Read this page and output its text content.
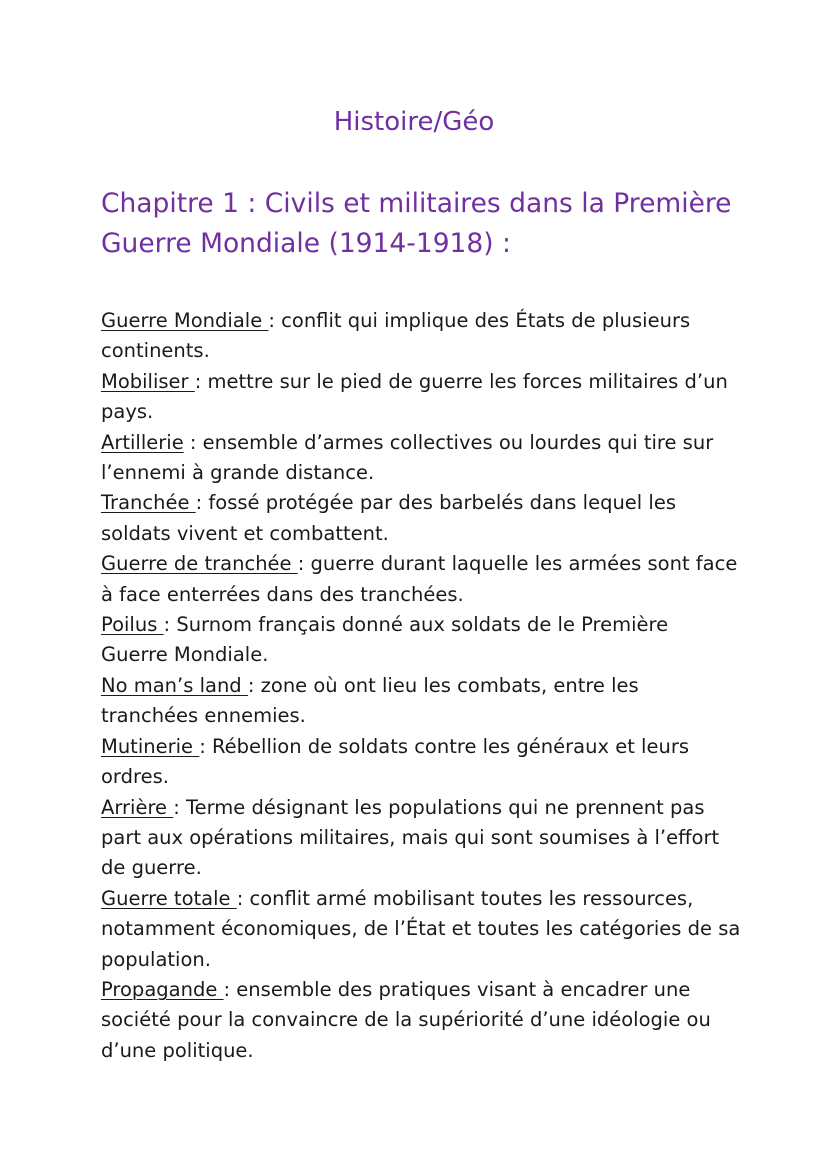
Histoire/Géo
Chapitre 1 : Civils et militaires dans la Première Guerre Mondiale (1914-1918) :

Guerre Mondiale : conflit qui implique des États de plusieurs continents.

Mobiliser : mettre sur le pied de guerre les forces militaires d’un pays.

Artillerie : ensemble d’armes collectives ou lourdes qui tire sur l’ennemi à grande distance.

Tranchée : fossé protégée par des barbelés dans lequel les soldats vivent et combattent.

Guerre de tranchée : guerre durant laquelle les armées sont face à face enterrées dans des tranchées.

Poilus : Surnom français donné aux soldats de le Première Guerre Mondiale.

No man’s land : zone où ont lieu les combats, entre les tranchées ennemies.

Mutinerie : Rébellion de soldats contre les généraux et leurs ordres.

Arrière : Terme désignant les populations qui ne prennent pas part aux opérations militaires, mais qui sont soumises à l’effort de guerre.

Guerre totale : conflit armé mobilisant toutes les ressources, notamment économiques, de l’État et toutes les catégories de sa population.

Propagande : ensemble des pratiques visant à encadrer une société pour la convaincre de la supériorité d’une idéologie ou d’une politique.
